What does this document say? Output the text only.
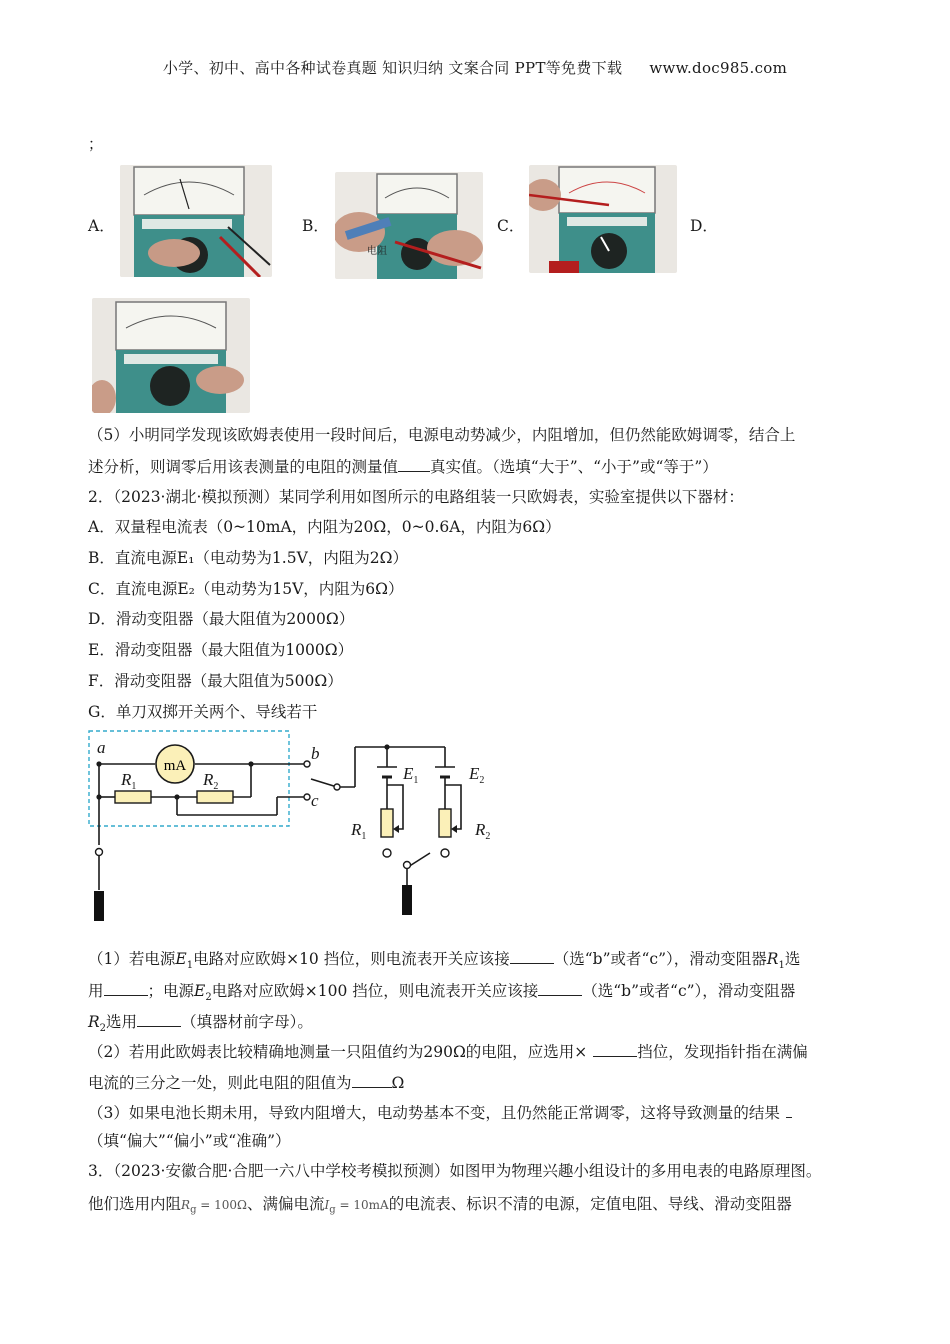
小学、初中、高中各种试卷真题 知识归纳 文案合同 PPT等免费下载 www.doc985.com
；
A．	B．	C．	D．
电阻
（5）小明同学发现该欧姆表使用一段时间后，电源电动势减少，内阻增加，但仍然能欧姆调零，结合上
述分析，则调零后用该表测量的电阻的测量值 真实值。（选填“大于”、“小于”或“等于”）
2．（2023·湖北·模拟预测）某同学利用如图所示的电路组装一只欧姆表，实验室提供以下器材：
A．双量程电流表（0~10mA，内阻为20Ω，0~0.6A，内阻为6Ω）
B．直流电源E₁（电动势为1.5V，内阻为2Ω）
C．直流电源E₂（电动势为15V，内阻为6Ω）
D．滑动变阻器（最大阻值为2000Ω）
E．滑动变阻器（最大阻值为1000Ω）
F．滑动变阻器（最大阻值为500Ω）
G．单刀双掷开关两个、导线若干
mA
a	b
c
$R_1$	$R_2$
$E_1$	$E_2$
$R_1$	$R_2$
（1）若电源$E_1$电路对应欧姆×10 挡位，则电流表开关应该接	（选“b”或者“c”），滑动变阻器$R_1$选
用	；电源$E_2$电路对应欧姆×100 挡位，则电流表开关应该接	（选“b”或者“c”），滑动变阻器
$R_2$选用	（填器材前字母）。
（2）若用此欧姆表比较精确地测量一只阻值约为290Ω的电阻，应选用×	挡位，发现指针指在满偏
电流的三分之一处，则此电阻的阻值为	Ω
（3）如果电池长期未用，导致内阻增大，电动势基本不变，且仍然能正常调零，这将导致测量的结果
（填“偏大”“偏小”或“准确”）
3．（2023·安徽合肥·合肥一六八中学校考模拟预测）如图甲为物理兴趣小组设计的多用电表的电路原理图。
他们选用内阻$R_g = 100\Omega$、满偏电流$I_g = 10mA$的电流表、标识不清的电源，定值电阻、导线、滑动变阻器
